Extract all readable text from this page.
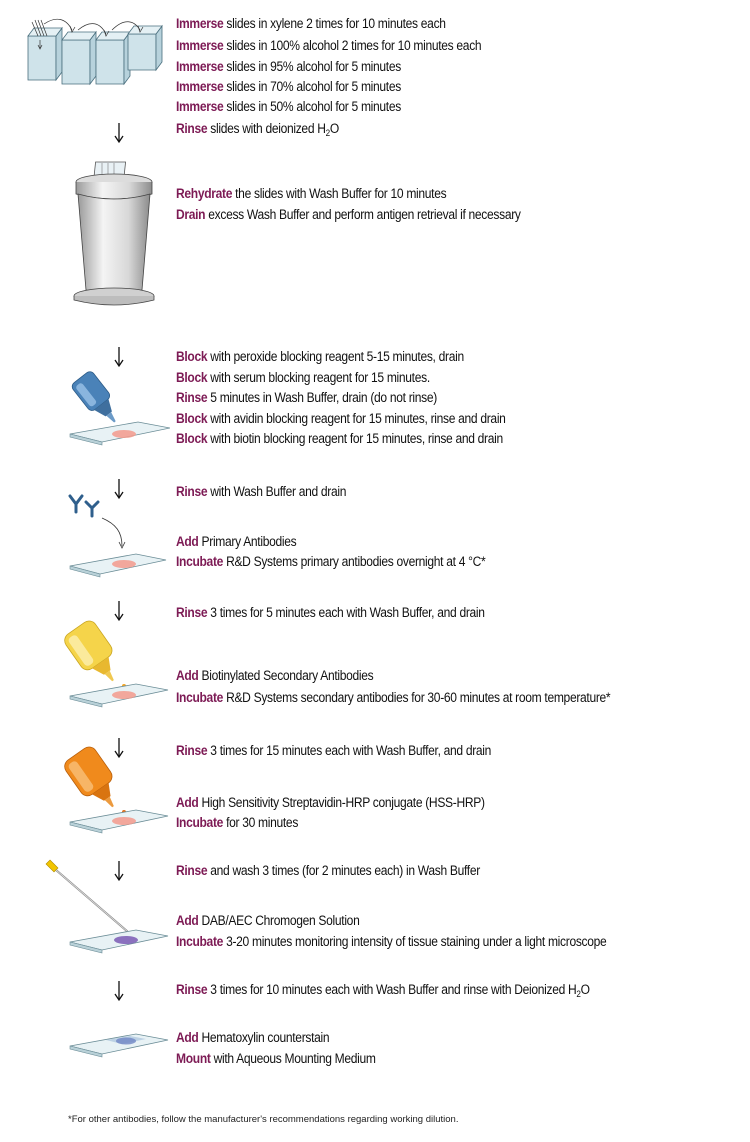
Immerse slides in xylene 2 times for 10 minutes each
Immerse slides in 100% alcohol 2 times for 10 minutes each
Immerse slides in 95% alcohol for 5 minutes
Immerse slides in 70% alcohol for 5 minutes
Immerse slides in 50% alcohol for 5 minutes
Rinse slides with deionized $H_2O$
Rehydrate the slides with Wash Buffer for 10 minutes
Drain excess Wash Buffer and perform antigen retrieval if necessary
Block with peroxide blocking reagent 5-15 minutes, drain
Block with serum blocking reagent for 15 minutes.
Rinse 5 minutes in Wash Buffer, drain (do not rinse)
Block with avidin blocking reagent for 15 minutes, rinse and drain
Block with biotin blocking reagent for 15 minutes, rinse and drain
Rinse with Wash Buffer and drain
Add Primary Antibodies
Incubate R&D Systems primary antibodies overnight at 4 °C*
Rinse 3 times for 5 minutes each with Wash Buffer, and drain
Add Biotinylated Secondary Antibodies
Incubate R&D Systems secondary antibodies for 30-60 minutes at room temperature*
Rinse 3 times for 15 minutes each with Wash Buffer, and drain
Add High Sensitivity Streptavidin-HRP conjugate (HSS-HRP)
Incubate for 30 minutes
Rinse and wash 3 times (for 2 minutes each) in Wash Buffer
Add DAB/AEC Chromogen Solution
Incubate 3-20 minutes monitoring intensity of tissue staining under a light microscope
Rinse 3 times for 10 minutes each with Wash Buffer and rinse with Deionized $H_2O$
Add Hematoxylin counterstain
Mount with Aqueous Mounting Medium
*For other antibodies, follow the manufacturer's recommendations regarding working dilution.
